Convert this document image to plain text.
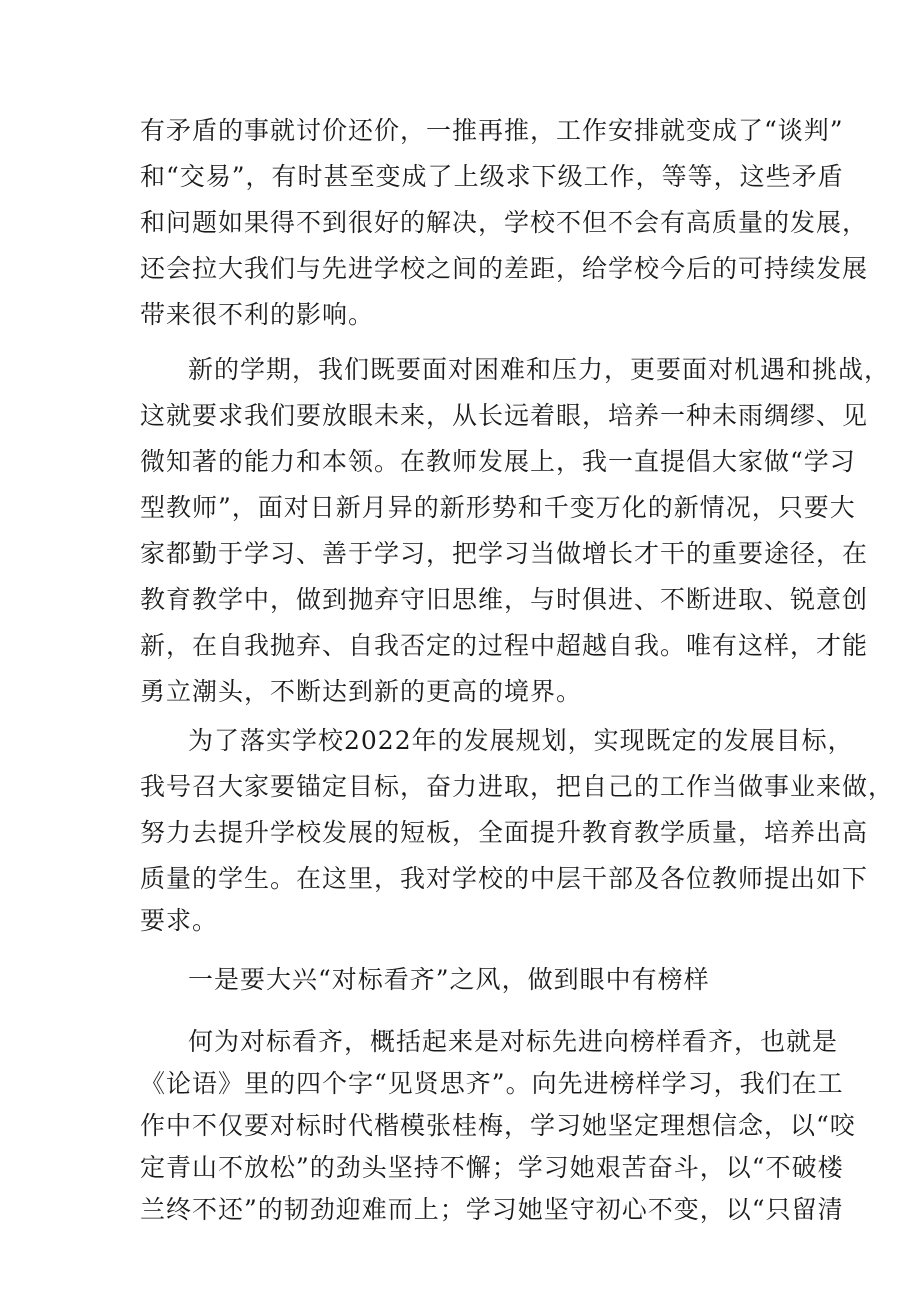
有矛盾的事就讨价还价，一推再推，工作安排就变成了“谈判”
和“交易”，有时甚至变成了上级求下级工作，等等，这些矛盾
和问题如果得不到很好的解决，学校不但不会有高质量的发展，
还会拉大我们与先进学校之间的差距，给学校今后的可持续发展
带来很不利的影响。
新的学期，我们既要面对困难和压力，更要面对机遇和挑战，
这就要求我们要放眼未来，从长远着眼，培养一种未雨绸缪、见
微知著的能力和本领。在教师发展上，我一直提倡大家做“学习
型教师”，面对日新月异的新形势和千变万化的新情况，只要大
家都勤于学习、善于学习，把学习当做增长才干的重要途径，在
教育教学中，做到抛弃守旧思维，与时俱进、不断进取、锐意创
新，在自我抛弃、自我否定的过程中超越自我。唯有这样，才能
勇立潮头，不断达到新的更高的境界。
为了落实学校2022年的发展规划，实现既定的发展目标，
我号召大家要锚定目标，奋力进取，把自己的工作当做事业来做，
努力去提升学校发展的短板，全面提升教育教学质量，培养出高
质量的学生。在这里，我对学校的中层干部及各位教师提出如下
要求。
一是要大兴“对标看齐”之风，做到眼中有榜样
何为对标看齐，概括起来是对标先进向榜样看齐，也就是
《论语》里的四个字“见贤思齐”。向先进榜样学习，我们在工
作中不仅要对标时代楷模张桂梅，学习她坚定理想信念，以“咬
定青山不放松”的劲头坚持不懈；学习她艰苦奋斗，以“不破楼
兰终不还”的韧劲迎难而上；学习她坚守初心不变，以“只留清
